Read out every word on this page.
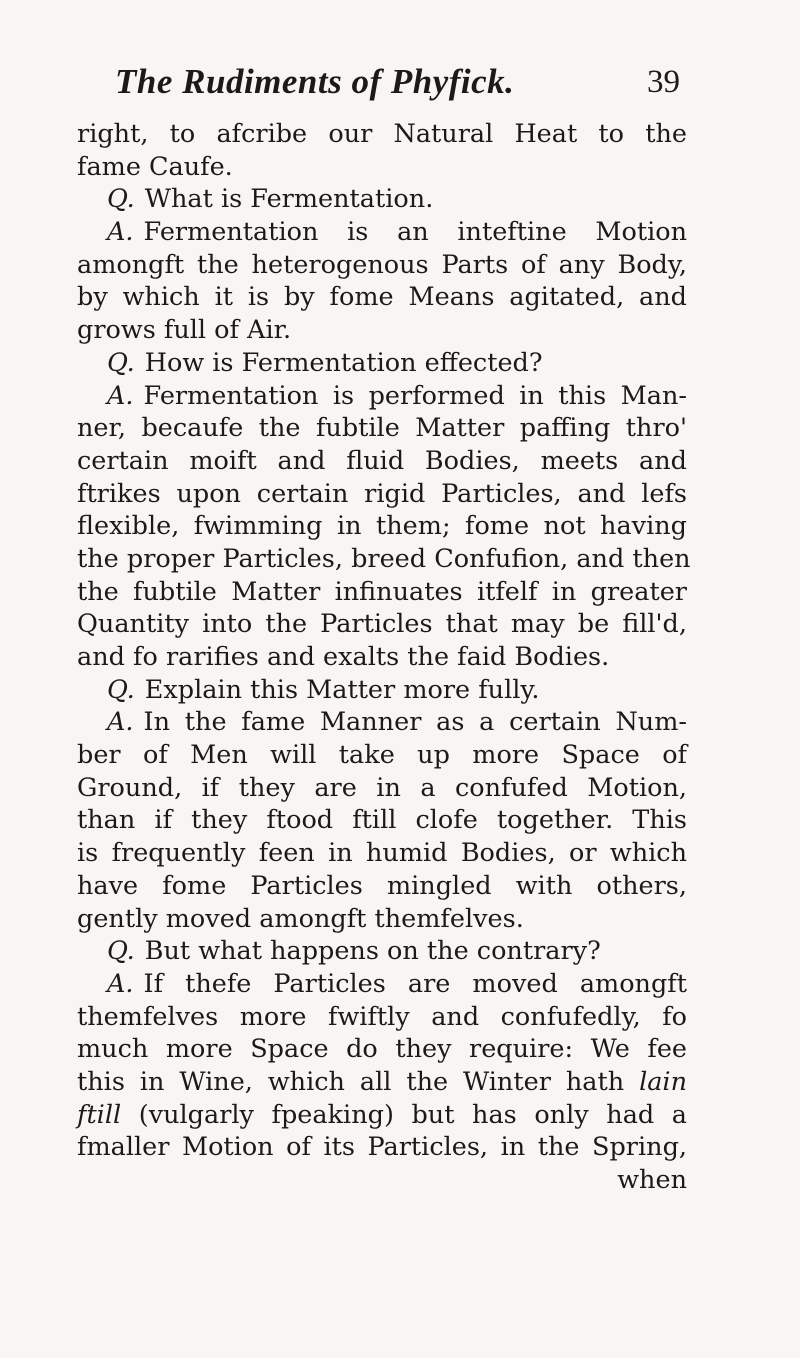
The Rudiments of Phyfick.	39
right, to afcribe our Natural Heat to the
fame Caufe.
Q. What is Fermentation.
A. Fermentation is an inteftine Motion
amongft the heterogenous Parts of any Body,
by which it is by fome Means agitated, and
grows full of Air.
Q. How is Fermentation effected?
A. Fermentation is performed in this Man-
ner, becaufe the fubtile Matter paffing thro'
certain moift and fluid Bodies, meets and
ftrikes upon certain rigid Particles, and lefs
flexible, fwimming in them; fome not having
the proper Particles, breed Confufion, and then
the fubtile Matter infinuates itfelf in greater
Quantity into the Particles that may be fill'd,
and fo rarifies and exalts the faid Bodies.
Q. Explain this Matter more fully.
A. In the fame Manner as a certain Num-
ber of Men will take up more Space of
Ground, if they are in a confufed Motion,
than if they ftood ftill clofe together. This
is frequently feen in humid Bodies, or which
have fome Particles mingled with others,
gently moved amongft themfelves.
Q. But what happens on the contrary?
A. If thefe Particles are moved amongft
themfelves more fwiftly and confufedly, fo
much more Space do they require: We fee
this in Wine, which all the Winter hath lain
ftill (vulgarly fpeaking) but has only had a
fmaller Motion of its Particles, in the Spring,
when
